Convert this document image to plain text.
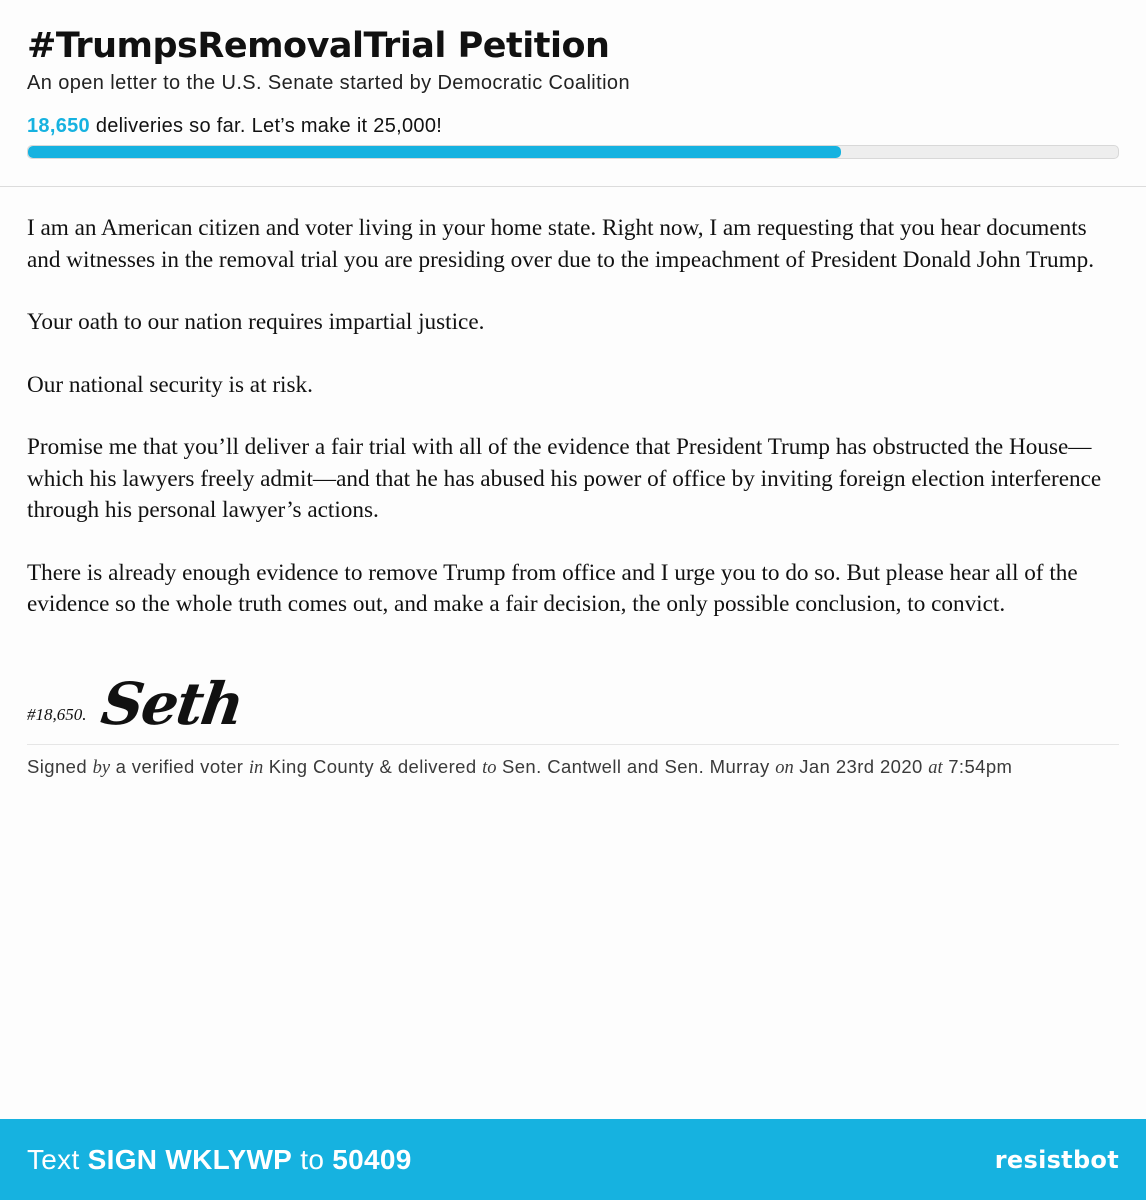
#TrumpsRemovalTrial Petition
An open letter to the U.S. Senate started by Democratic Coalition
18,650 deliveries so far. Let’s make it 25,000!

I am an American citizen and voter living in your home state. Right now, I am requesting that you hear documents and witnesses in the removal trial you are presiding over due to the impeachment of President Donald John Trump.

Your oath to our nation requires impartial justice.

Our national security is at risk.

Promise me that you’ll deliver a fair trial with all of the evidence that President Trump has obstructed the House—which his lawyers freely admit—and that he has abused his power of office by inviting foreign election interference through his personal lawyer’s actions.

There is already enough evidence to remove Trump from office and I urge you to do so. But please hear all of the evidence so the whole truth comes out, and make a fair decision, the only possible conclusion, to convict.

#18,650. Seth
Signed by a verified voter in King County & delivered to Sen. Cantwell and Sen. Murray on Jan 23rd 2020 at 7:54pm
Text SIGN WKLYWP to 50409	resistbot
